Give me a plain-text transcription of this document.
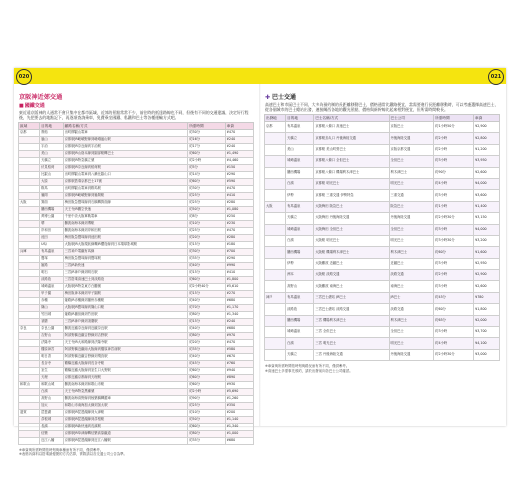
020	021
京阪神近郊交通
■國鐵交通
東近遠京阪神的人通常不會只集中在都市區域，近郊的景點常常不少，前往時的抵達路線也不同，但後有不同的交通建議，決定好行程後，先把要去的地點記下，再逐項查詢乘車，免費乘坐國鐵、私鐵和巴士等各種運輸方式吧。
區域	目的地	鐵路名稱/方式	所需時間	車資
京都	貴船	出町柳叡山電車	約30分	¥470
	嵐山	京都駅JR嵯峨野線到嵯峨嵐山駅	約16分	¥240
	宇治	京都駅JR奈良線到宇治駅	約17分	¥240
	美山	京都駅JR山陰本線到園部駅轉巴士	約60分	¥1,490
	天橋立	京都駅JR特急橋立號	約2小時	¥4,460
	伏見稻荷	京都駅JR奈良線到稻荷駅	約5分	¥150
	比叡山	出町柳叡山電車到八瀨比叡山口	約14分	¥290
	大原	京都駅搭乘京都巴士17號	約60分	¥590
	鞍馬	出町柳叡山電車到鞍馬駅	約30分	¥470
	龜岡	京都駅JR嵯峨野線到龜岡駅	約25分	¥410
大阪	箕面	梅田阪急寶塚線到石橋轉箕面線	約25分	¥280
	關西機場	天王寺JR關空快速	約50分	¥1,080
	萬博公園	千里中央大阪單軌電車	約8分	¥250
	堺	難波南海本線到堺駅	約10分	¥230
	岸和田	難波南海本線到岸和田駅	約25分	¥470
	池田	梅田阪急寶塚線到池田駅	約20分	¥280
	USJ	大阪駅JR大阪環狀線轉JR櫻島線到日本環球影城駅	約15分	¥180
兵庫	有馬溫泉	三宮神戶電鐵有馬線	約30分	¥700
	寶塚	梅田阪急寶塚線到寶塚駅	約35分	¥290
	姬路	三宮JR新快速	約40分	¥990
	明石	三宮JR神戶線到明石駅	約15分	¥410
	淡路島	三宮搭乘高速巴士到淡路島	約60分	¥1,800
	城崎溫泉	大阪駅JR特急東方白鸛號	約2小時40分	¥5,610
	甲子園	梅田阪神本線到甲子園駅	約15分	¥270
	赤穗	姬路JR赤穗線到播州赤穗駅	約40分	¥680
	篠山	大阪駅JR寶塚線到篠山口駅	約70分	¥1,170
	竹田城	姬路JR播但線到竹田駅	約80分	¥1,340
	須磨	三宮JR神戶線到須磨駅	約15分	¥240
奈良	奈良公園	難波近鐵奈良線到近鐵奈良駅	約40分	¥680
	吉野山	阿部野橋近鐵吉野線到吉野駅	約80分	¥970
	法隆寺	天王寺JR大和路線到法隆寺駅	約20分	¥470
	橿原神宮	阿部野橋近鐵南大阪線到橿原神宮前駅	約35分	¥580
	明日香	阿部野橋近鐵吉野線到飛鳥駅	約40分	¥670
	長谷寺	鶴橋近鐵大阪線到長谷寺駅	約45分	¥760
	室生	鶴橋近鐵大阪線到室生口大野駅	約60分	¥940
	天理	京都近鐵京都線到天理駅	約60分	¥890
和歌山	和歌山城	難波南海本線到和歌山市駅	約60分	¥930
	白濱	天王寺JR特急黑潮號	約2小時	¥5,690
	高野山	難波南海高野線到極樂橋轉纜車	約90分	¥1,260
	加太	和歌山市南海加太線到加太駅	約25分	¥350
滋賀	琵琶湖	京都駅JR琵琶湖線到大津駅	約10分	¥200
	彥根城	京都駅JR琵琶湖線到彥根駅	約50分	¥1,140
	長濱	京都駅JR新快速到長濱駅	約60分	¥1,340
	信樂	京都駅JR草津線轉信樂高原鐵道	約80分	¥1,000
	近江八幡	京都駅JR琵琶湖線到近江八幡駅	約35分	¥680
※車資與所需時間依時刻與車種而有所不同，僅供參考。
※表格內資料以搭乘最便捷的方式估算，實際請以各交通公司公告為準。
✚ 巴士交通
高速巴士和市區巴士不同，大多為預約制的長距離移動巴士，價格通常比鐵路便宜，當需要進行長距離移動時，可以考慮選擇高速巴士，從各個城市的巴士總站出發，連接關西各地的觀光景點，價格與新幹線比起來相對便宜，但所需時間較長。
出發地	目的地	巴士名稱/方式	巴士公司	所需時間	車資
京都	有馬溫泉	京都駅八條口 高速巴士	京阪巴士	約1小時50分	¥2,900
	天橋立	京都駅烏丸口 丹後海陸交通	丹後海陸交通	約2小時	¥2,800
	美山	京都駅 美山町營巴士	京阪京都交通	約2小時	¥1,200
	城崎溫泉	京都駅八條口 全但巴士	全但巴士	約3小時	¥3,950
	關西機場	京都駅八條口 機場利木津巴士	利木津巴士	約90分	¥2,600
	白濱	京都駅 明光巴士	明光巴士	約4小時	¥4,000
	伊勢	京都駅 三重交通 伊勢特急	三重交通	約3小時	¥3,600
大阪	有馬溫泉	大阪梅田 阪急巴士	阪急巴士	約1小時	¥1,400
	天橋立	大阪梅田 丹後海陸交通	丹後海陸交通	約2小時30分	¥3,150
	城崎溫泉	大阪梅田 全但巴士	全但巴士	約3小時	¥4,000
	白濱	大阪駅 明光巴士	明光巴士	約3小時30分	¥3,200
	關西機場	大阪駅 機場利木津巴士	利木津巴士	約60分	¥1,600
	伊勢	大阪難波 近鐵巴士	近鐵巴士	約3小時	¥2,950
	洲本	大阪駅 淡路交通	淡路交通	約2小時	¥2,900
	高野山	大阪難波 南海巴士	南海巴士	約3小時	¥2,600
神戶	有馬溫泉	三宮巴士總站 JR巴士	JR巴士	約45分	¥780
	淡路島	三宮巴士總站 淡路交通	淡路交通	約60分	¥1,800
	關西機場	三宮 機場利木津巴士	利木津巴士	約65分	¥2,000
	城崎溫泉	三宮 全但巴士	全但巴士	約3小時	¥3,700
	白濱	三宮 明光巴士	明光巴士	約4小時	¥4,100
	天橋立	三宮 丹後海陸交通	丹後海陸交通	約2小時30分	¥3,000
※車資與所需時間依時刻與路況而有所不同，僅供參考。
※高速巴士多需事先預約，請於出發前向各巴士公司確認。
